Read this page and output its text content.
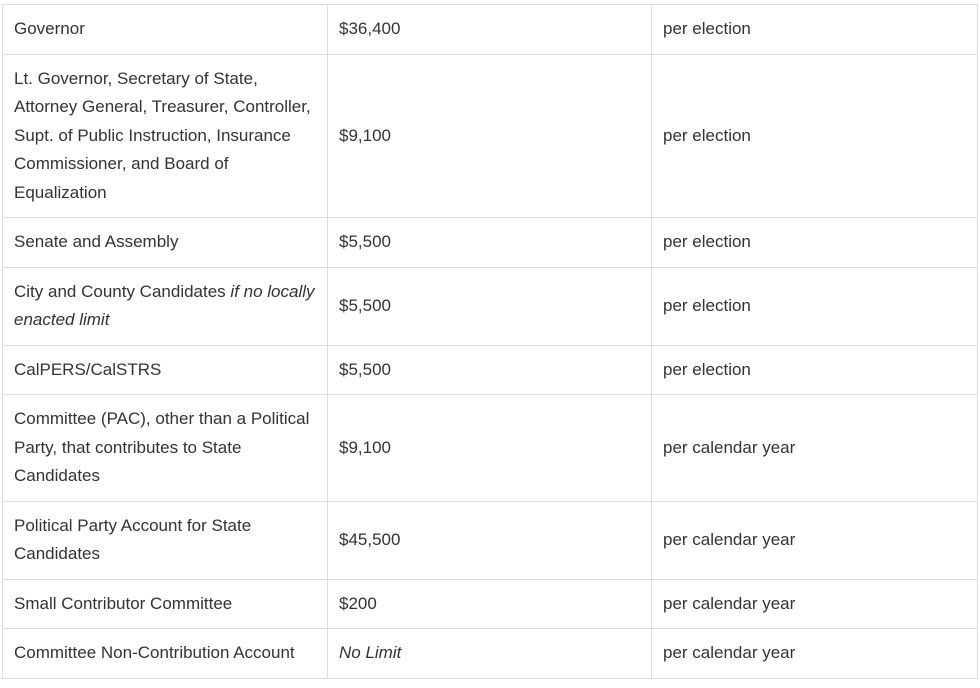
Governor	$36,400	per election
Lt. Governor, Secretary of State, Attorney General, Treasurer, Controller, Supt. of Public Instruction, Insurance Commissioner, and Board of Equalization	$9,100	per election
Senate and Assembly	$5,500	per election
City and County Candidates if no locally enacted limit	$5,500	per election
CalPERS/CalSTRS	$5,500	per election
Committee (PAC), other than a Political Party, that contributes to State Candidates	$9,100	per calendar year
Political Party Account for State Candidates	$45,500	per calendar year
Small Contributor Committee	$200	per calendar year
Committee Non-Contribution Account	No Limit	per calendar year
